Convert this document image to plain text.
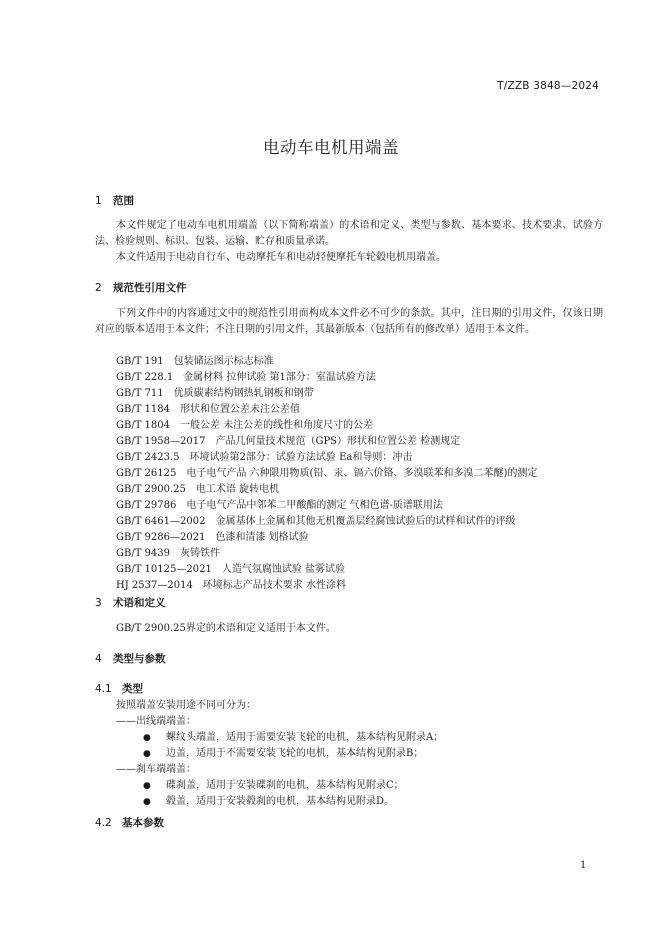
T/ZZB 3848—2024
电动车电机用端盖
1 范围
本文件规定了电动车电机用端盖（以下简称端盖）的术语和定义、类型与参数、基本要求、技术要求、试验方法、检验规则、标识、包装、运输、贮存和质量承诺。
本文件适用于电动自行车、电动摩托车和电动轻便摩托车轮毂电机用端盖。
2 规范性引用文件
下列文件中的内容通过文中的规范性引用而构成本文件必不可少的条款。其中，注日期的引用文件，仅该日期对应的版本适用于本文件；不注日期的引用文件，其最新版本（包括所有的修改单）适用于本文件。
GB/T 191　包装储运图示标志标准
GB/T 228.1　金属材料 拉伸试验 第1部分：室温试验方法
GB/T 711　优质碳素结构钢热轧钢板和钢带
GB/T 1184　形状和位置公差未注公差值
GB/T 1804　一般公差 未注公差的线性和角度尺寸的公差
GB/T 1958—2017　产品几何量技术规范（GPS）形状和位置公差 检测规定
GB/T 2423.5　环境试验第2部分：试验方法试验 Ea和导则：冲击
GB/T 26125　电子电气产品 六种限用物质(铅、汞、镉六价铬、多溴联苯和多溴二苯醚)的测定
GB/T 2900.25　电工术语 旋转电机
GB/T 29786　电子电气产品中邻苯二甲酸酯的测定 气相色谱-质谱联用法
GB/T 6461—2002　金属基体上金属和其他无机覆盖层经腐蚀试验后的试样和试件的评级
GB/T 9286—2021　色漆和清漆 划格试验
GB/T 9439　灰铸铁件
GB/T 10125—2021　人造气氛腐蚀试验 盐雾试验
HJ 2537—2014　环境标志产品技术要求 水性涂料
3 术语和定义
GB/T 2900.25界定的术语和定义适用于本文件。
4 类型与参数
4.1 类型
按照端盖安装用途不同可分为：
——出线端端盖：
● 螺纹头端盖，适用于需要安装飞轮的电机，基本结构见附录A；
● 边盖，适用于不需要安装飞轮的电机，基本结构见附录B；
——刹车端端盖：
● 碟刹盖，适用于安装碟刹的电机，基本结构见附录C；
● 毂盖，适用于安装毂刹的电机，基本结构见附录D。
4.2 基本参数
1
